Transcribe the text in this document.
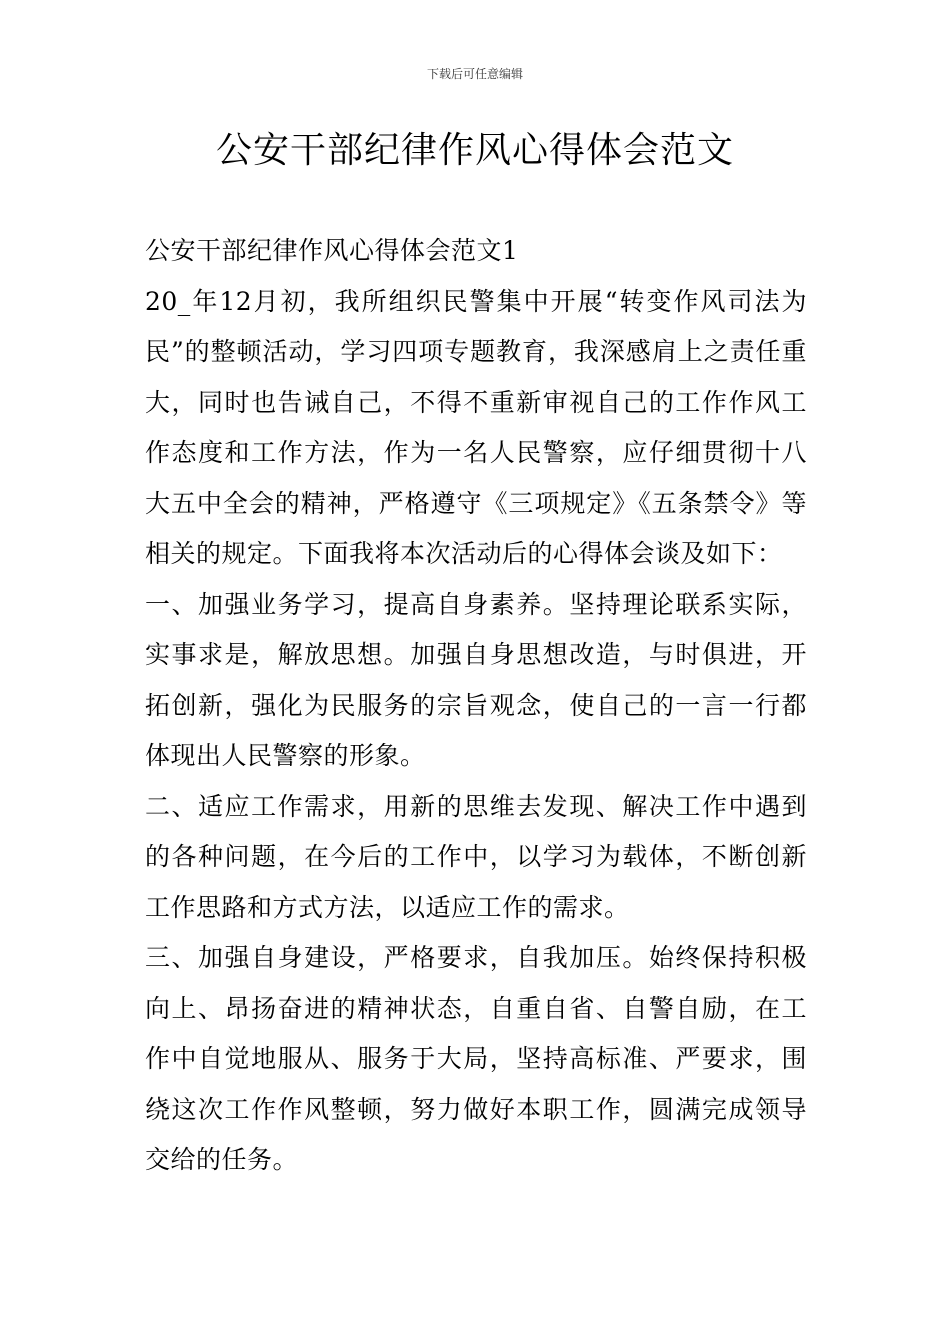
下载后可任意编辑
公安干部纪律作风心得体会范文

公安干部纪律作风心得体会范文1

20_年12月初，我所组织民警集中开展“转变作风司法为民”的整顿活动，学习四项专题教育，我深感肩上之责任重大，同时也告诫自己，不得不重新审视自己的工作作风工作态度和工作方法，作为一名人民警察，应仔细贯彻十八大五中全会的精神，严格遵守《三项规定》《五条禁令》等相关的规定。下面我将本次活动后的心得体会谈及如下：

一、加强业务学习，提高自身素养。坚持理论联系实际，实事求是，解放思想。加强自身思想改造，与时俱进，开拓创新，强化为民服务的宗旨观念，使自己的一言一行都体现出人民警察的形象。

二、适应工作需求，用新的思维去发现、解决工作中遇到的各种问题，在今后的工作中，以学习为载体，不断创新工作思路和方式方法，以适应工作的需求。

三、加强自身建设，严格要求，自我加压。始终保持积极向上、昂扬奋进的精神状态，自重自省、自警自励，在工作中自觉地服从、服务于大局，坚持高标准、严要求，围绕这次工作作风整顿，努力做好本职工作，圆满完成领导交给的任务。
